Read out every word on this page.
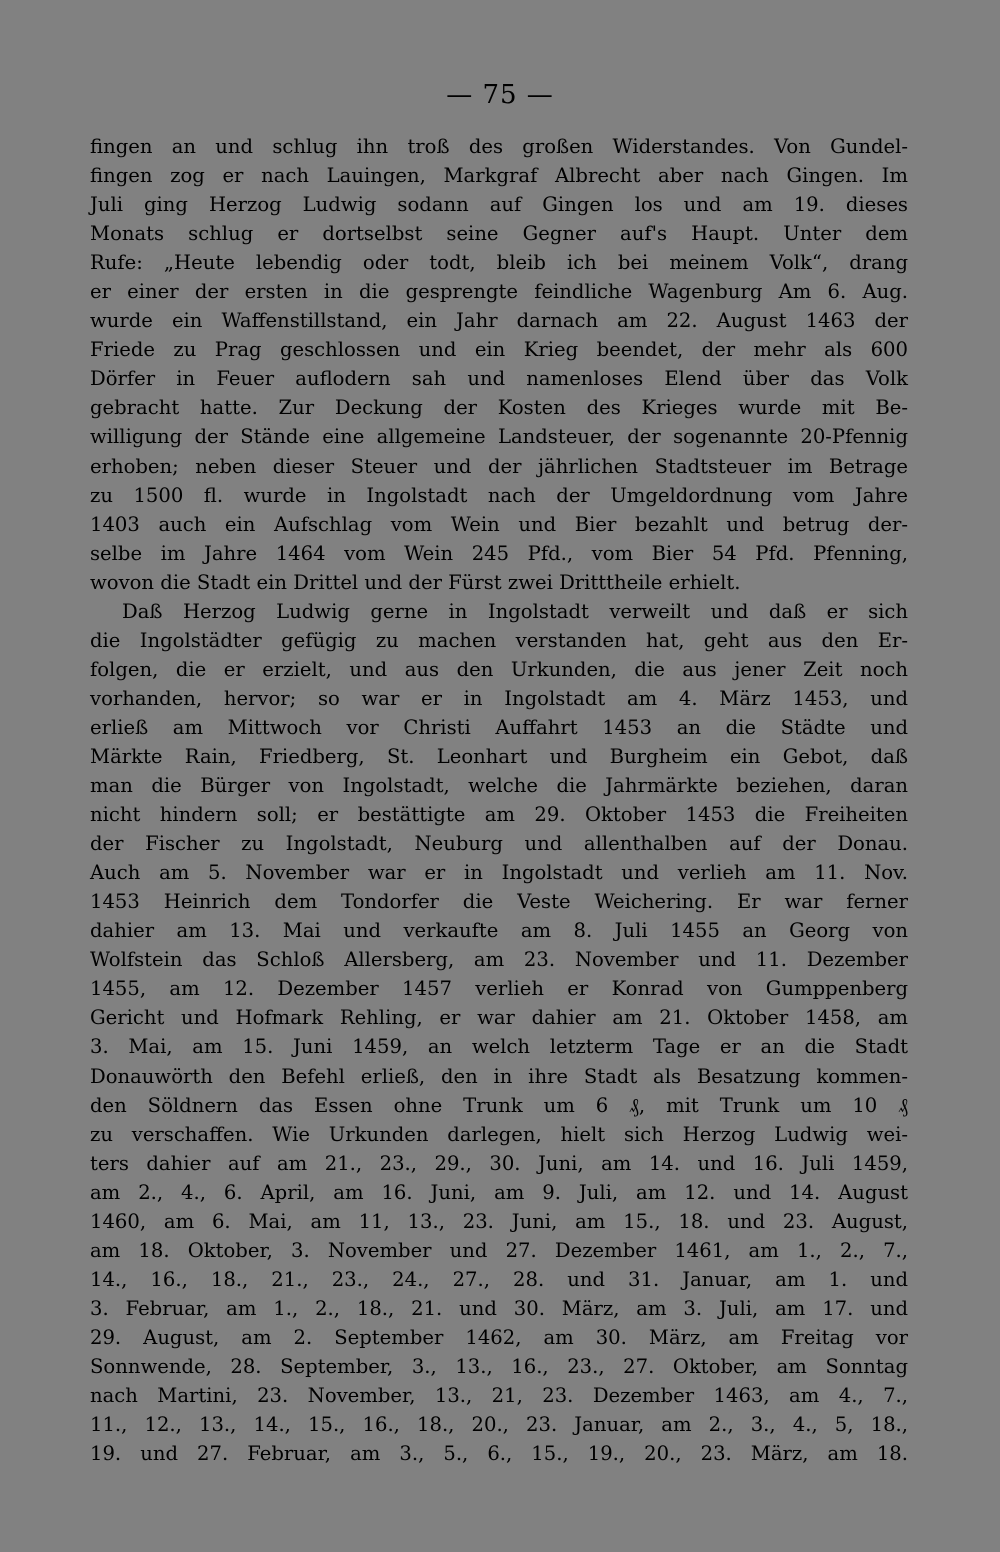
— 75 —
fingen an und schlug ihn troß des großen Widerstandes. Von Gundel-
fingen zog er nach Lauingen, Markgraf Albrecht aber nach Gingen. Im
Juli ging Herzog Ludwig sodann auf Gingen los und am 19. dieses
Monats schlug er dortselbst seine Gegner auf's Haupt. Unter dem
Rufe: „Heute lebendig oder todt, bleib ich bei meinem Volk“, drang
er einer der ersten in die gesprengte feindliche Wagenburg Am 6. Aug.
wurde ein Waffenstillstand, ein Jahr darnach am 22. August 1463 der
Friede zu Prag geschlossen und ein Krieg beendet, der mehr als 600
Dörfer in Feuer auflodern sah und namenloses Elend über das Volk
gebracht hatte. Zur Deckung der Kosten des Krieges wurde mit Be-
willigung der Stände eine allgemeine Landsteuer, der sogenannte 20-Pfennig
erhoben; neben dieser Steuer und der jährlichen Stadtsteuer im Betrage
zu 1500 fl. wurde in Ingolstadt nach der Umgeldordnung vom Jahre
1403 auch ein Aufschlag vom Wein und Bier bezahlt und betrug der-
selbe im Jahre 1464 vom Wein 245 Pfd., vom Bier 54 Pfd. Pfenning,
wovon die Stadt ein Drittel und der Fürst zwei Dritttheile erhielt.
Daß Herzog Ludwig gerne in Ingolstadt verweilt und daß er sich
die Ingolstädter gefügig zu machen verstanden hat, geht aus den Er-
folgen, die er erzielt, und aus den Urkunden, die aus jener Zeit noch
vorhanden, hervor; so war er in Ingolstadt am 4. März 1453, und
erließ am Mittwoch vor Christi Auffahrt 1453 an die Städte und
Märkte Rain, Friedberg, St. Leonhart und Burgheim ein Gebot, daß
man die Bürger von Ingolstadt, welche die Jahrmärkte beziehen, daran
nicht hindern soll; er bestättigte am 29. Oktober 1453 die Freiheiten
der Fischer zu Ingolstadt, Neuburg und allenthalben auf der Donau.
Auch am 5. November war er in Ingolstadt und verlieh am 11. Nov.
1453 Heinrich dem Tondorfer die Veste Weichering. Er war ferner
dahier am 13. Mai und verkaufte am 8. Juli 1455 an Georg von
Wolfstein das Schloß Allersberg, am 23. November und 11. Dezember
1455, am 12. Dezember 1457 verlieh er Konrad von Gumppenberg
Gericht und Hofmark Rehling, er war dahier am 21. Oktober 1458, am
3. Mai, am 15. Juni 1459, an welch letzterm Tage er an die Stadt
Donauwörth den Befehl erließ, den in ihre Stadt als Besatzung kommen-
den Söldnern das Essen ohne Trunk um 6 ₰, mit Trunk um 10 ₰
zu verschaffen. Wie Urkunden darlegen, hielt sich Herzog Ludwig wei-
ters dahier auf am 21., 23., 29., 30. Juni, am 14. und 16. Juli 1459,
am 2., 4., 6. April, am 16. Juni, am 9. Juli, am 12. und 14. August
1460, am 6. Mai, am 11, 13., 23. Juni, am 15., 18. und 23. August,
am 18. Oktober, 3. November und 27. Dezember 1461, am 1., 2., 7.,
14., 16., 18., 21., 23., 24., 27., 28. und 31. Januar, am 1. und
3. Februar, am 1., 2., 18., 21. und 30. März, am 3. Juli, am 17. und
29. August, am 2. September 1462, am 30. März, am Freitag vor
Sonnwende, 28. September, 3., 13., 16., 23., 27. Oktober, am Sonntag
nach Martini, 23. November, 13., 21, 23. Dezember 1463, am 4., 7.,
11., 12., 13., 14., 15., 16., 18., 20., 23. Januar, am 2., 3., 4., 5, 18.,
19. und 27. Februar, am 3., 5., 6., 15., 19., 20., 23. März, am 18.
